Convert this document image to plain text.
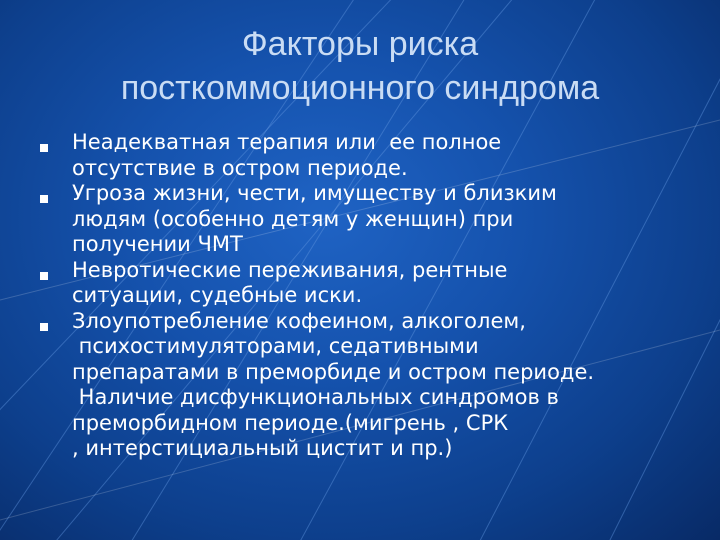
Факторы риска
посткоммоционного синдрома
Неадекватная терапия или  ее полное
отсутствие в остром периоде.
Угроза жизни, чести, имуществу и близким
людям (особенно детям у женщин) при
получении ЧМТ
Невротические переживания, рентные
ситуации, судебные иски.
Злоупотребление кофеином, алкоголем,
психостимуляторами, седативными
препаратами в преморбиде и остром периоде.
Наличие дисфункциональных синдромов в
преморбидном периоде.(мигрень , СРК
, интерстициальный цистит и пр.)
